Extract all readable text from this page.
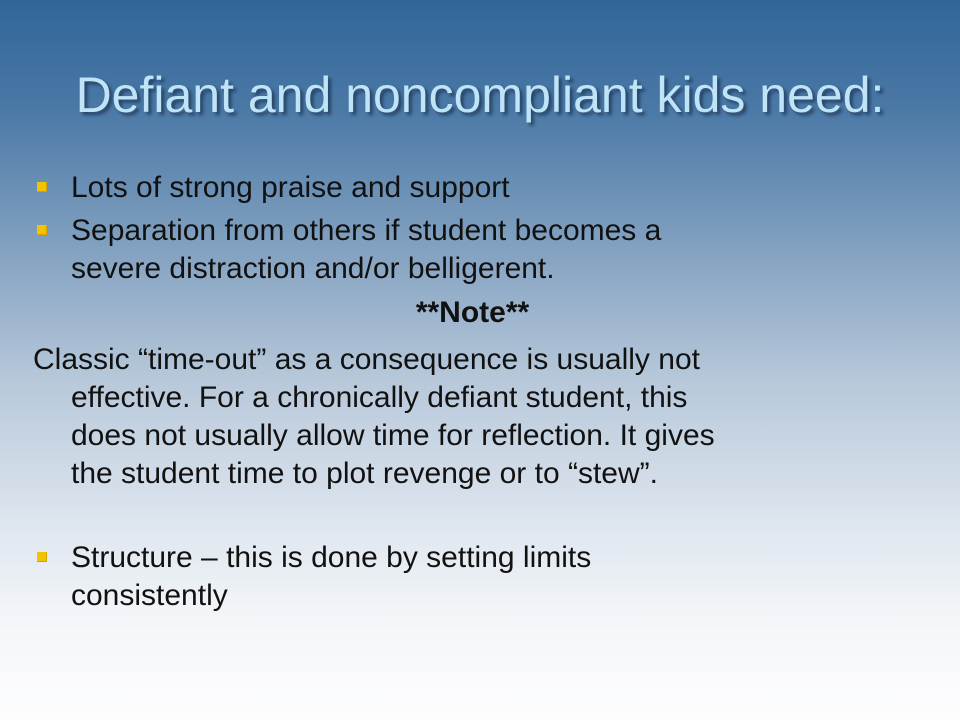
Defiant and noncompliant kids need:
Lots of strong praise and support
Separation from others if student becomes a
severe distraction and/or belligerent.
**Note**
Classic “time-out” as a consequence is usually not
effective. For a chronically defiant student, this
does not usually allow time for reflection. It gives
the student time to plot revenge or to “stew”.
Structure – this is done by setting limits
consistently
